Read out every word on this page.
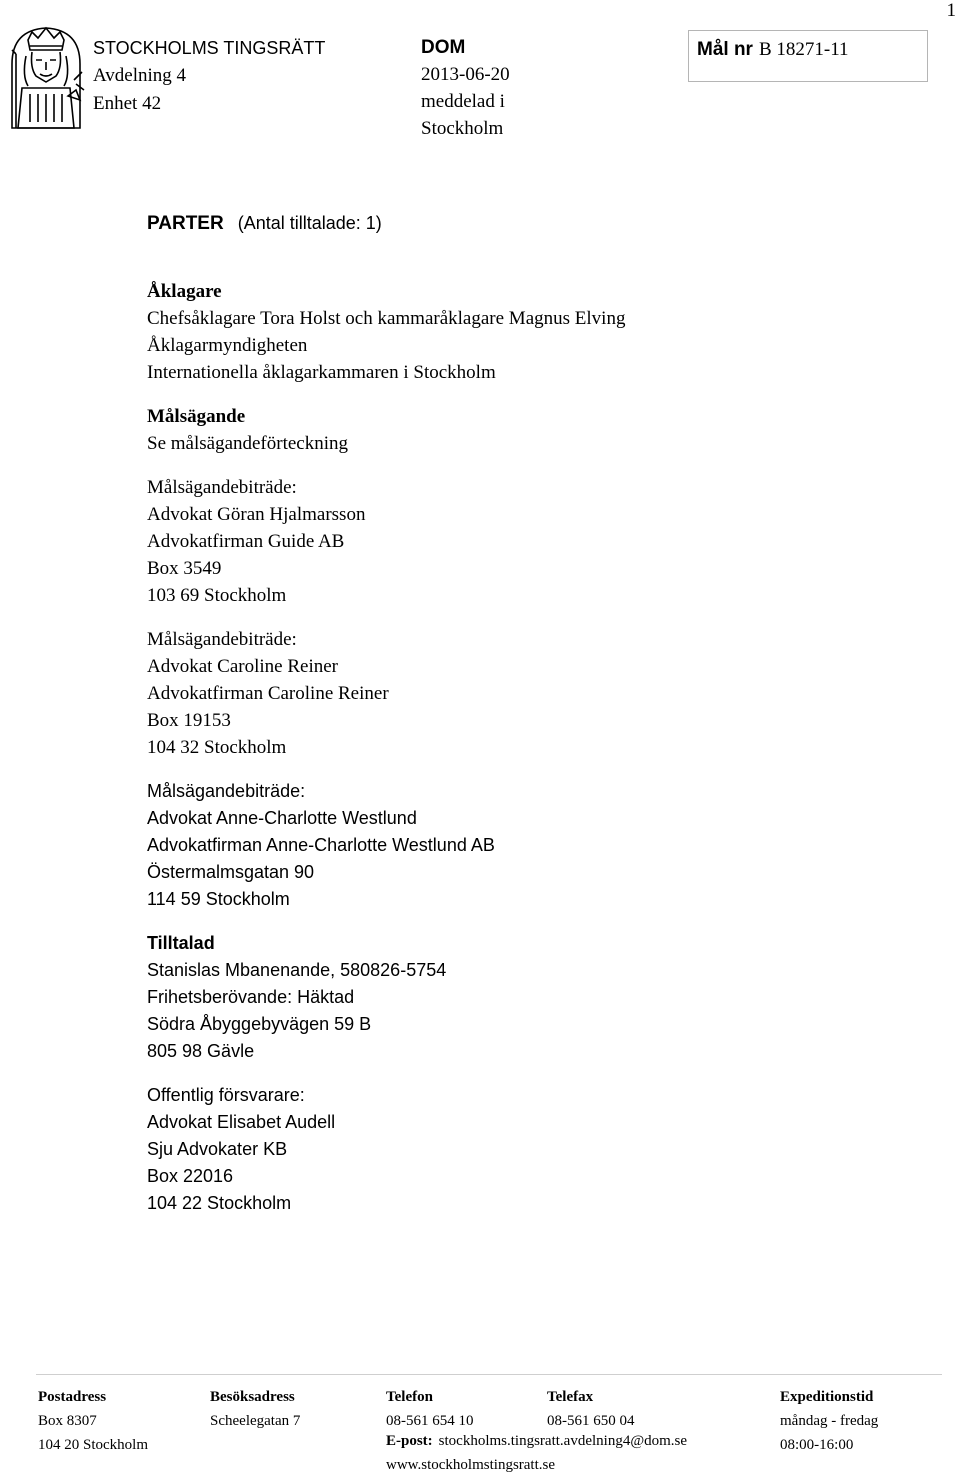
1
STOCKHOLMS TINGSRÄTT
Avdelning 4
Enhet 42
DOM
2013-06-20
meddelad i
Stockholm
Mål nr B 18271-11
PARTER (Antal tilltalade: 1)
Åklagare
Chefsåklagare Tora Holst och kammaråklagare Magnus Elving
Åklagarmyndigheten
Internationella åklagarkammaren i Stockholm
Målsägande
Se målsägandeförteckning
Målsägandebiträde:
Advokat Göran Hjalmarsson
Advokatfirman Guide AB
Box 3549
103 69 Stockholm
Målsägandebiträde:
Advokat Caroline Reiner
Advokatfirman Caroline Reiner
Box 19153
104 32 Stockholm
Målsägandebiträde:
Advokat Anne-Charlotte Westlund
Advokatfirman Anne-Charlotte Westlund AB
Östermalmsgatan 90
114 59 Stockholm
Tilltalad
Stanislas Mbanenande, 580826-5754
Frihetsberövande: Häktad
Södra Åbyggebyvägen 59 B
805 98 Gävle
Offentlig försvarare:
Advokat Elisabet Audell
Sju Advokater KB
Box 22016
104 22 Stockholm
Postadress
Box 8307
104 20 Stockholm
Besöksadress
Scheelegatan 7
Telefon
08-561 654 10
Telefax
08-561 650 04
Expeditionstid
måndag - fredag
08:00-16:00
E-post: stockholms.tingsratt.avdelning4@dom.se
www.stockholmstingsratt.se
